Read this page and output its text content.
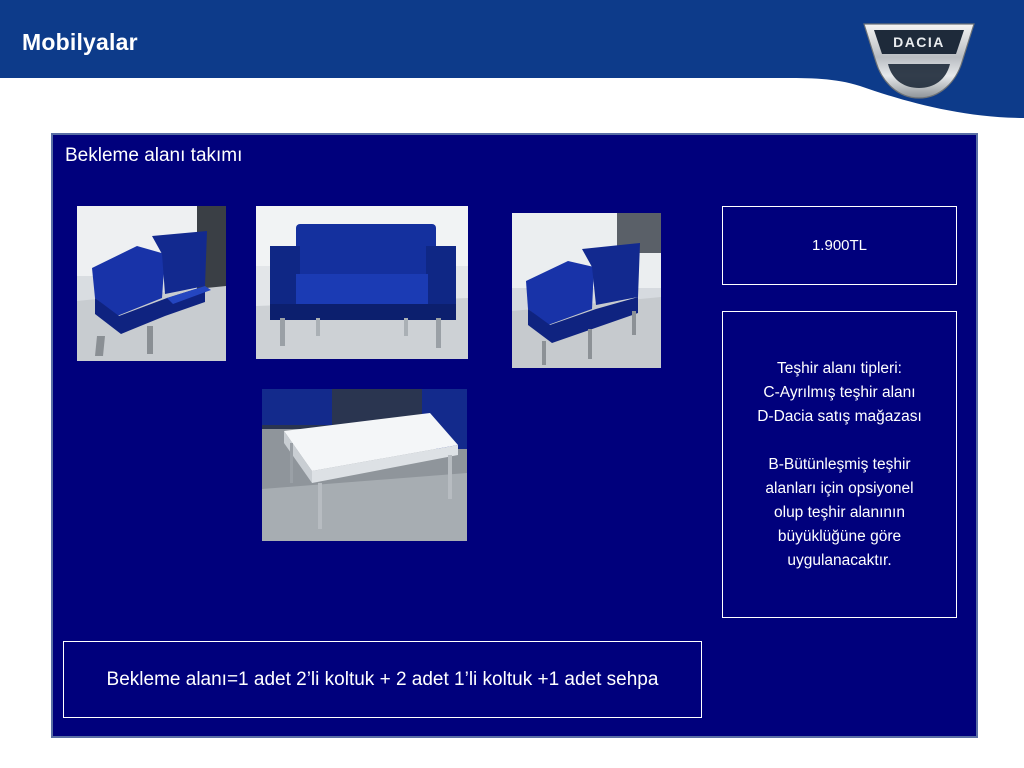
Mobilyalar	DACIA
Bekleme alanı takımı
1.900TL
Teşhir alanı tipleri:
C-Ayrılmış teşhir alanı
D-Dacia satış mağazası
B-Bütünleşmiş teşhir
alanları için opsiyonel
olup teşhir alanının
büyüklüğüne göre
uygulanacaktır.
Bekleme alanı=1 adet 2’li koltuk + 2 adet 1’li koltuk +1 adet sehpa
